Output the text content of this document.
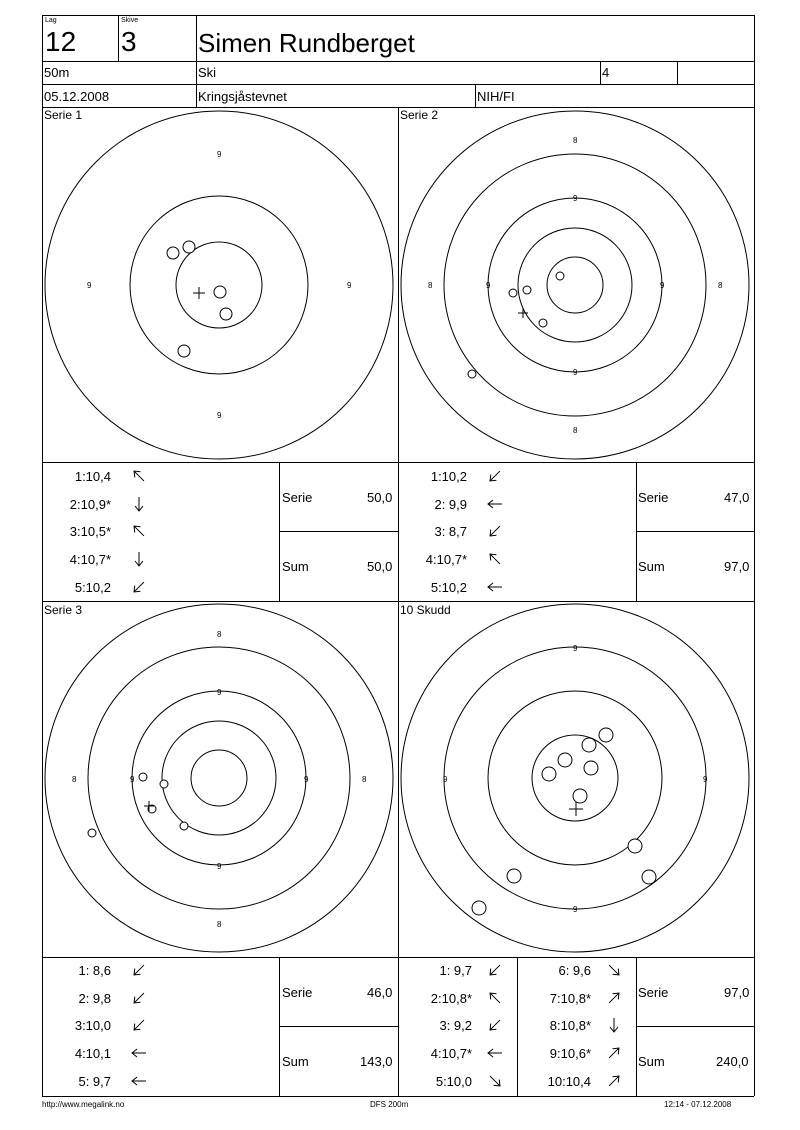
Lag
12
Skive
3 Simen Rundberget
50m	Ski	4
05.12.2008	Kringsjåstevnet	NIH/FI
Serie 1	Serie 2
Serie 3	10 Skudd
9
9	9
9
8
9
8	9	9	8
9
8
8
9
8	9	9	8
9
8
9
9	9
9
1:10,4
2:10,9*
3:10,5*
4:10,7*
5:10,2
1:10,2
2: 9,9
3: 8,7
4:10,7*
5:10,2
1: 8,6
2: 9,8
3:10,0
4:10,1
5: 9,7
1: 9,7
2:10,8*
3: 9,2
4:10,7*
5:10,0
6: 9,6
7:10,8*
8:10,8*
9:10,6*
10:10,4
Serie	50,0
Sum	50,0
Serie	47,0
Sum	97,0
Serie	46,0
Sum	143,0
Serie	97,0
Sum	240,0
http://www.megalink.no	DFS 200m	12:14 - 07.12.2008
